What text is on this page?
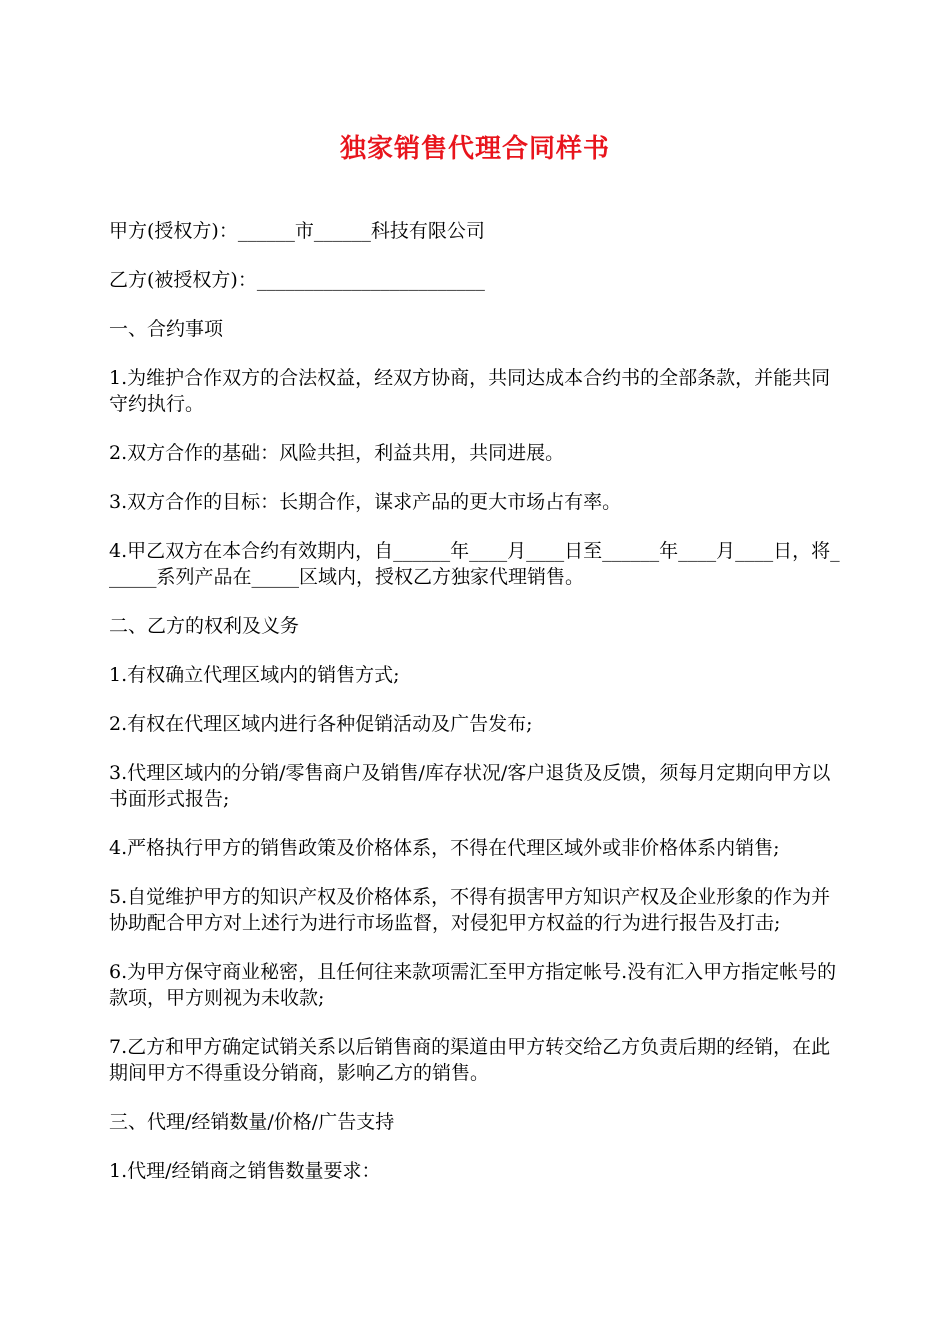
独家销售代理合同样书

甲方(授权方)：______市______科技有限公司

乙方(被授权方)：________________________

一、合约事项

1.为维护合作双方的合法权益，经双方协商，共同达成本合约书的全部条款，并能共同守约执行。

2.双方合作的基础：风险共担，利益共用，共同进展。

3.双方合作的目标：长期合作，谋求产品的更大市场占有率。

4.甲乙双方在本合约有效期内，自______年____月____日至______年____月____日，将______系列产品在_____区域内，授权乙方独家代理销售。

二、乙方的权利及义务

1.有权确立代理区域内的销售方式;

2.有权在代理区域内进行各种促销活动及广告发布;

3.代理区域内的分销/零售商户及销售/库存状况/客户退货及反馈，须每月定期向甲方以书面形式报告;

4.严格执行甲方的销售政策及价格体系，不得在代理区域外或非价格体系内销售;

5.自觉维护甲方的知识产权及价格体系，不得有损害甲方知识产权及企业形象的作为并协助配合甲方对上述行为进行市场监督，对侵犯甲方权益的行为进行报告及打击;

6.为甲方保守商业秘密，且任何往来款项需汇至甲方指定帐号.没有汇入甲方指定帐号的款项，甲方则视为未收款;

7.乙方和甲方确定试销关系以后销售商的渠道由甲方转交给乙方负责后期的经销，在此期间甲方不得重设分销商，影响乙方的销售。

三、代理/经销数量/价格/广告支持

1.代理/经销商之销售数量要求：
